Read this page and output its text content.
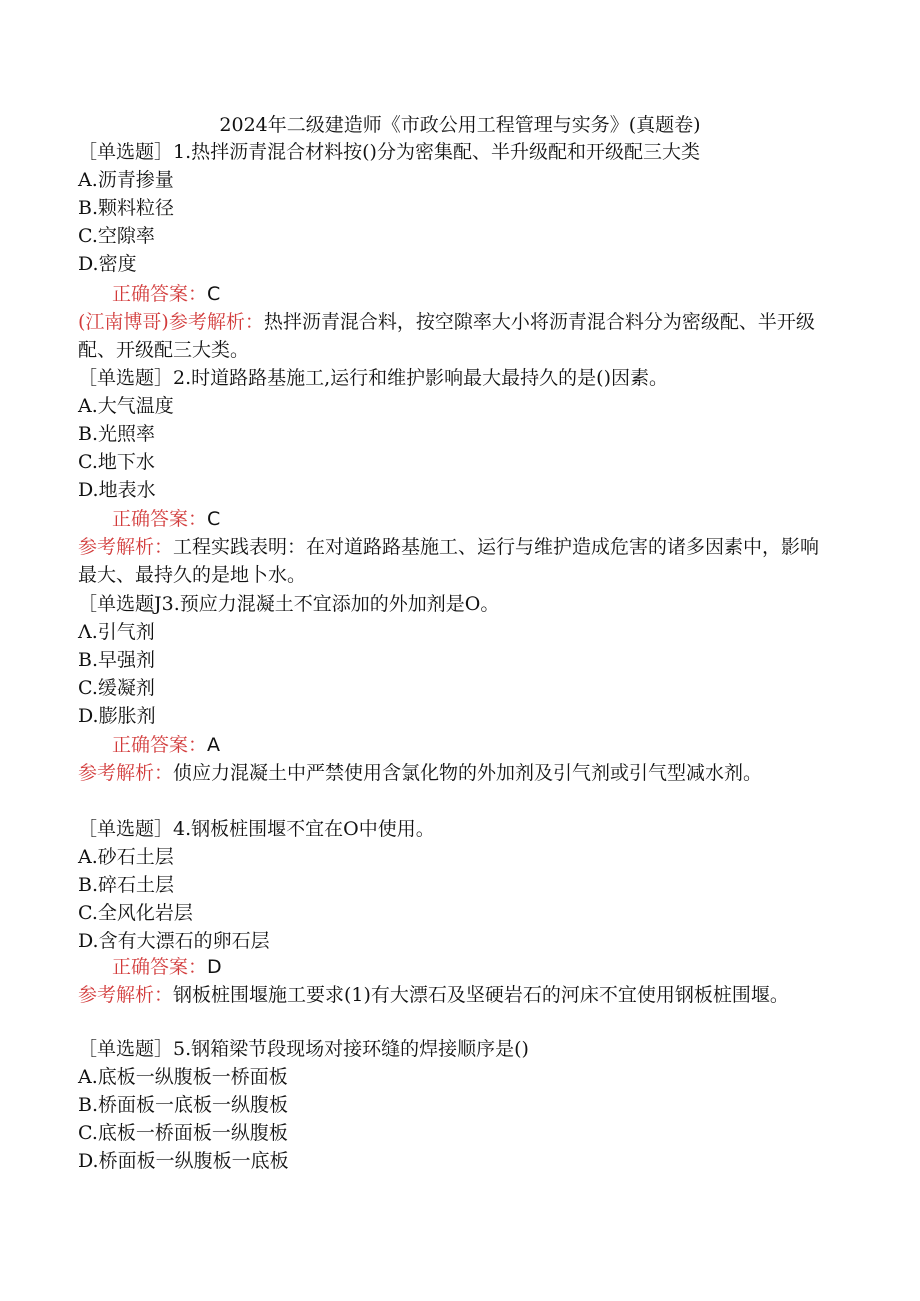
2024年二级建造师《市政公用工程管理与实务》(真题卷)
［单选题］1.热拌沥青混合材料按()分为密集配、半升级配和开级配三大类
A.沥青掺量
B.颗料粒径
C.空隙率
D.密度
正确答案：C
(江南博哥)参考解析：热拌沥青混合料，按空隙率大小将沥青混合料分为密级配、半开级配、开级配三大类。
［单选题］2.时道路路基施工,运行和维护影响最大最持久的是()因素。
A.大气温度
B.光照率
C.地下水
D.地表水
正确答案：C
参考解析：工程实践表明：在对道路路基施工、运行与维护造成危害的诸多因素中，影响最大、最持久的是地卜水。
［单选题J3.预应力混凝土不宜添加的外加剂是O。
Λ.引气剂
B.早强剂
C.缓凝剂
D.膨胀剂
正确答案：A
参考解析：侦应力混凝土中严禁使用含氯化物的外加剂及引气剂或引气型减水剂。
［单选题］4.钢板桩围堰不宜在O中使用。
A.砂石土层
B.碎石土层
C.全风化岩层
D.含有大漂石的卵石层
正确答案：D
参考解析：钢板桩围堰施工要求(1)有大漂石及坚硬岩石的河床不宜使用钢板桩围堰。
［单选题］5.钢箱梁节段现场对接环缝的焊接顺序是()
A.底板一纵腹板一桥面板
B.桥面板一底板一纵腹板
C.底板一桥面板一纵腹板
D.桥面板一纵腹板一底板
